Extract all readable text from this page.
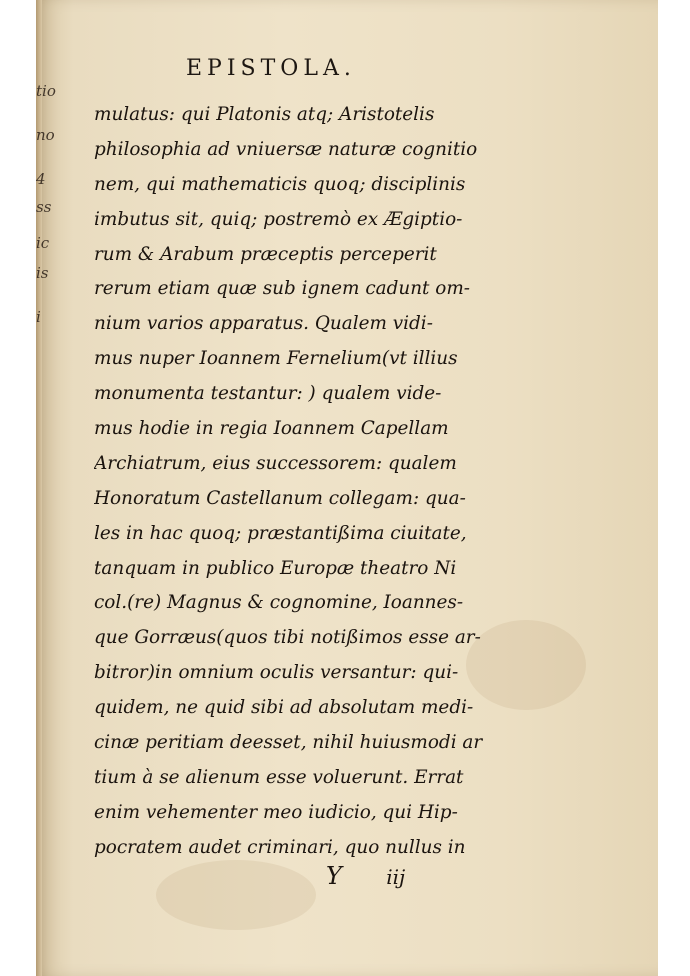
tio
no
4
ss
ic
is
i
EPISTOLA.
mulatus: qui Platonis atq; Aristotelis
philosophia ad vniuersæ naturæ cognitio
nem, qui mathematicis quoq; disciplinis
imbutus sit, quiq; postremò ex Ægiptio-
rum & Arabum præceptis perceperit
rerum etiam quæ sub ignem cadunt om-
nium varios apparatus. Qualem vidi-
mus nuper Ioannem Fernelium(vt illius
monumenta testantur: ) qualem vide-
mus hodie in regia Ioannem Capellam
Archiatrum, eius successorem: qualem
Honoratum Castellanum collegam: qua-
les in hac quoq; præstantißima ciuitate,
tanquam in publico Europæ theatro Ni
col.(re) Magnus & cognomine, Ioannes-
que Gorræus(quos tibi notißimos esse ar-
bitror)in omnium oculis versantur: qui-
quidem, ne quid sibi ad absolutam medi-
cinæ peritiam deesset, nihil huiusmodi ar
tium à se alienum esse voluerunt. Errat
enim vehementer meo iudicio, qui Hip-
pocratem audet criminari, quo nullus in
Y iij
